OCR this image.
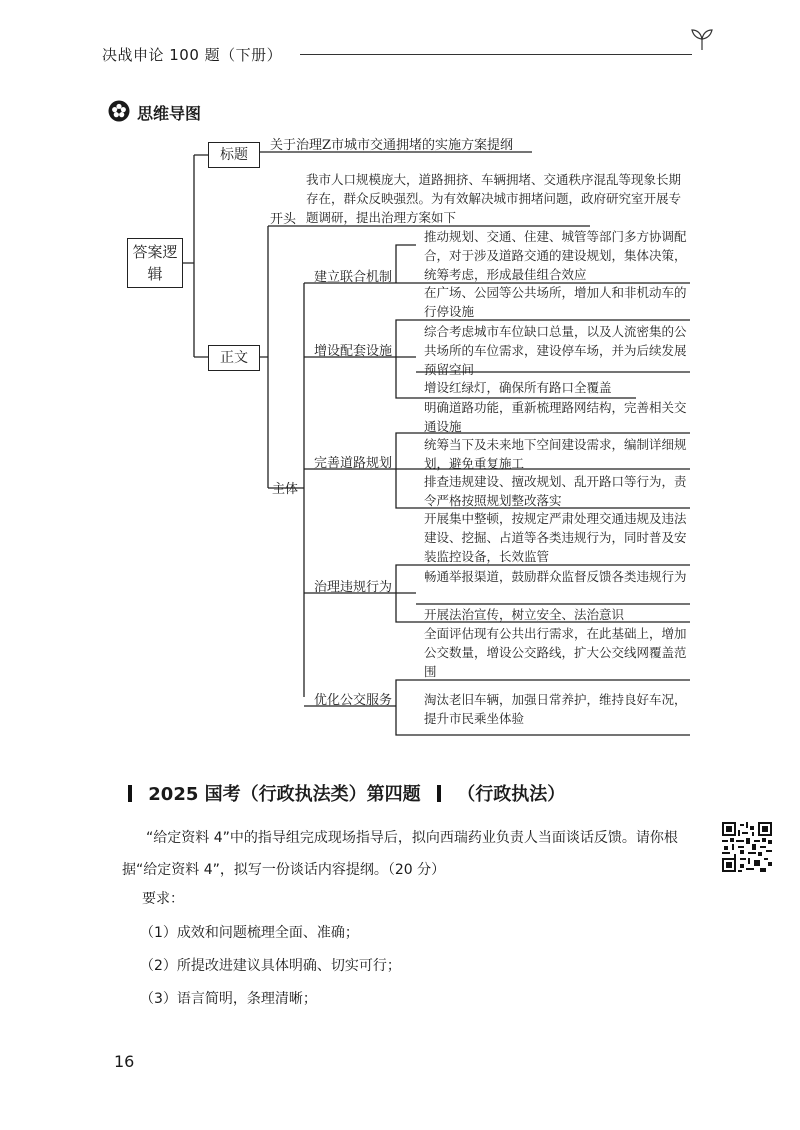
决战申论 100 题（下册）
思维导图
答案逻辑
标题
正文
关于治理Z市城市交通拥堵的实施方案提纲
开头
我市人口规模庞大，道路拥挤、车辆拥堵、交通秩序混乱等现象长期存在，群众反映强烈。为有效解决城市拥堵问题，政府研究室开展专题调研，提出治理方案如下
主体
建立联合机制
推动规划、交通、住建、城管等部门多方协调配合，对于涉及道路交通的建设规划，集体决策，统筹考虑，形成最佳组合效应
增设配套设施
在广场、公园等公共场所，增加人和非机动车的行停设施
综合考虑城市车位缺口总量，以及人流密集的公共场所的车位需求，建设停车场，并为后续发展预留空间
增设红绿灯，确保所有路口全覆盖
完善道路规划
明确道路功能，重新梳理路网结构，完善相关交通设施
统筹当下及未来地下空间建设需求，编制详细规划，避免重复施工
排查违规建设、擅改规划、乱开路口等行为，责令严格按照规划整改落实
治理违规行为
开展集中整顿，按规定严肃处理交通违规及违法建设、挖掘、占道等各类违规行为，同时普及安装监控设备，长效监管
畅通举报渠道，鼓励群众监督反馈各类违规行为
开展法治宣传，树立安全、法治意识
优化公交服务
全面评估现有公共出行需求，在此基础上，增加公交数量，增设公交路线，扩大公交线网覆盖范围
淘汰老旧车辆，加强日常养护，维持良好车况，提升市民乘坐体验
2025 国考（行政执法类）第四题 （行政执法）
“给定资料 4”中的指导组完成现场指导后，拟向西瑞药业负责人当面谈话反馈。请你根据“给定资料 4”，拟写一份谈话内容提纲。（20 分）
要求：
（1）成效和问题梳理全面、准确；
（2）所提改进建议具体明确、切实可行；
（3）语言简明，条理清晰；
16
